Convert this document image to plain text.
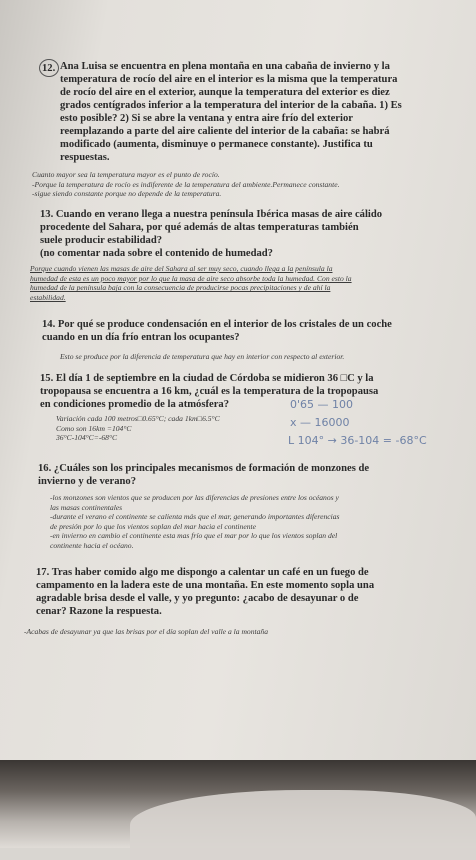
12. Ana Luisa se encuentra en plena montaña en una cabaña de invierno y la
temperatura de rocío del aire en el interior es la misma que la temperatura
de rocío del aire en el exterior, aunque la temperatura del exterior es diez
grados centígrados inferior a la temperatura del interior de la cabaña. 1) Es
esto posible? 2) Si se abre la ventana y entra aire frío del exterior
reemplazando a parte del aire caliente del interior de la cabaña: se habrá
modificado (aumenta, disminuye o permanece constante). Justifica tu
respuestas.
Cuanto mayor sea la temperatura mayor es el punto de rocío.
-Porque la temperatura de rocío es indiferente de la temperatura del ambiente.Permanece constante.
-sigue siendo constante porque no depende de la temperatura.
13. Cuando en verano llega a nuestra península Ibérica masas de aire cálido
procedente del Sahara, por qué además de altas temperaturas también
suele producir estabilidad?
(no comentar nada sobre el contenido de humedad?
Porque cuando vienen las masas de aire del Sahara al ser muy seco, cuando llega a la península la
humedad de esta es un poco mayor por lo que la masa de aire seco absorbe toda la humedad. Con esto la
humedad de la península baja con la consecuencia de producirse pocas precipitaciones y de ahí la
estabilidad.
14. Por qué se produce condensación en el interior de los cristales de un coche
cuando en un día frío entran los ocupantes?
Esto se produce por la diferencia de temperatura que hay en interior con respecto al exterior.
15. El día 1 de septiembre en la ciudad de Córdoba se midieron 36 □C y la
tropopausa se encuentra a 16 km, ¿cuál es la temperatura de la tropopausa
en condiciones promedio de la atmósfera?
Variación cada 100 metros□0.65°C; cada 1km□6.5°C
Como son 16km =104°C
36°C-104°C=-68°C
0'65 — 100
x — 16000
L 104° → 36-104 = -68°C
16. ¿Cuáles son los principales mecanismos de formación de monzones de
invierno y de verano?
-los monzones son vientos que se producen por las diferencias de presiones entre los océanos y
las masas continentales
-durante el verano el continente se calienta más que el mar, generando importantes diferencias
de presión por lo que los vientos soplan del mar hacia el continente
-en invierno en cambio el continente esta mas frío que el mar por lo que los vientos soplan del
continente hacia el océano.
17. Tras haber comido algo me dispongo a calentar un café en un fuego de
campamento en la ladera este de una montaña. En este momento sopla una
agradable brisa desde el valle, y yo pregunto: ¿acabo de desayunar o de
cenar? Razone la respuesta.
-Acabas de desayunar ya que las brisas por el día soplan del valle a la montaña
